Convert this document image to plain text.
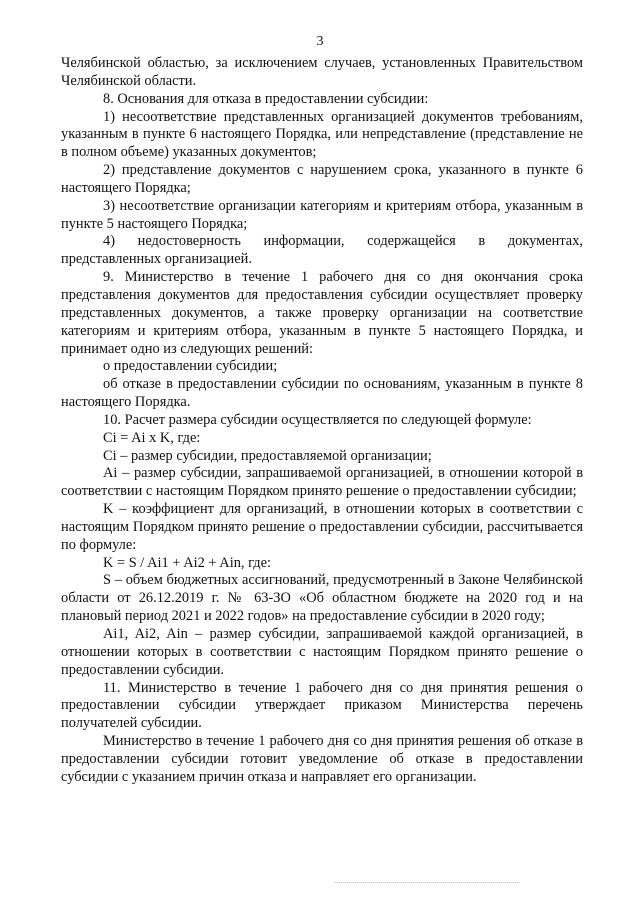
3

Челябинской областью, за исключением случаев, установленных Правительством Челябинской области.

8. Основания для отказа в предоставлении субсидии:

1) несоответствие представленных организацией документов требованиям, указанным в пункте 6 настоящего Порядка, или непредставление (представление не в полном объеме) указанных документов;

2) представление документов с нарушением срока, указанного в пункте 6 настоящего Порядка;

3) несоответствие организации категориям и критериям отбора, указанным в пункте 5 настоящего Порядка;

4) недостоверность информации, содержащейся в документах, представленных организацией.

9. Министерство в течение 1 рабочего дня со дня окончания срока представления документов для предоставления субсидии осуществляет проверку представленных документов, а также проверку организации на соответствие категориям и критериям отбора, указанным в пункте 5 настоящего Порядка, и принимает одно из следующих решений:

о предоставлении субсидии;

об отказе в предоставлении субсидии по основаниям, указанным в пункте 8 настоящего Порядка.

10. Расчет размера субсидии осуществляется по следующей формуле:

Ci = Ai х K, где:

Ci – размер субсидии, предоставляемой организации;

Ai – размер субсидии, запрашиваемой организацией, в отношении которой в соответствии с настоящим Порядком принято решение о предоставлении субсидии;

K – коэффициент для организаций, в отношении которых в соответствии с настоящим Порядком принято решение о предоставлении субсидии, рассчитывается по формуле:

K = S / Ai1 + Ai2 + Ain, где:

S – объем бюджетных ассигнований, предусмотренный в Законе Челябинской области от 26.12.2019 г. № 63-ЗО «Об областном бюджете на 2020 год и на плановый период 2021 и 2022 годов» на предоставление субсидии в 2020 году;

Ai1, Ai2, Ain – размер субсидии, запрашиваемой каждой организацией, в отношении которых в соответствии с настоящим Порядком принято решение о предоставлении субсидии.

11. Министерство в течение 1 рабочего дня со дня принятия решения о предоставлении субсидии утверждает приказом Министерства перечень получателей субсидии.

Министерство в течение 1 рабочего дня со дня принятия решения об отказе в предоставлении субсидии готовит уведомление об отказе в предоставлении субсидии с указанием причин отказа и направляет его организации.
